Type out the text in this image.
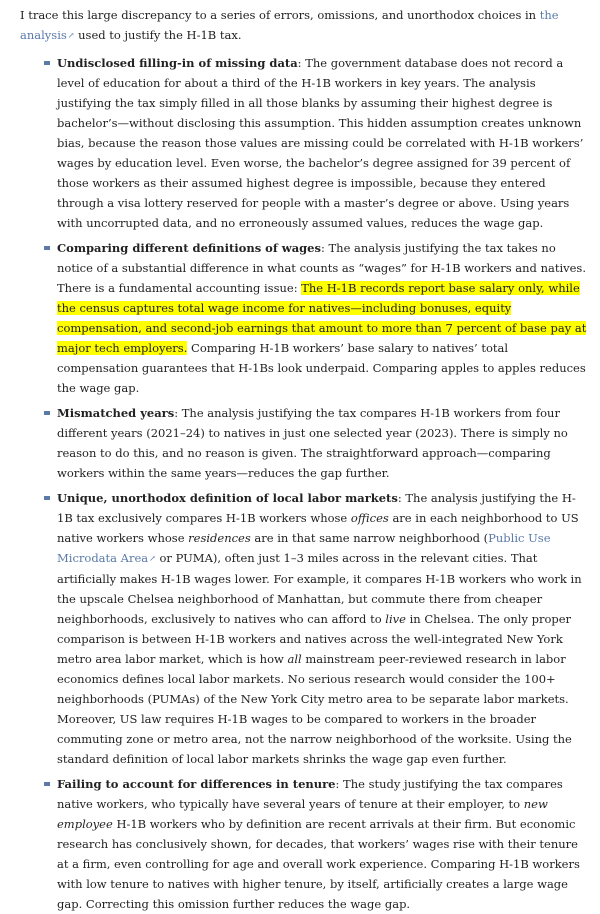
I trace this large discrepancy to a series of errors, omissions, and unorthodox choices in the analysis↗ used to justify the H-1B tax.

Undisclosed filling-in of missing data: The government database does not record a level of education for about a third of the H-1B workers in key years. The analysis justifying the tax simply filled in all those blanks by assuming their highest degree is bachelor’s—without disclosing this assumption. This hidden assumption creates unknown bias, because the reason those values are missing could be correlated with H-1B workers’ wages by education level. Even worse, the bachelor’s degree assigned for 39 percent of those workers as their assumed highest degree is impossible, because they entered through a visa lottery reserved for people with a master’s degree or above. Using years with uncorrupted data, and no erroneously assumed values, reduces the wage gap.
Comparing different definitions of wages: The analysis justifying the tax takes no notice of a substantial difference in what counts as “wages” for H-1B workers and natives. There is a fundamental accounting issue: The H-1B records report base salary only, while the census captures total wage income for natives—including bonuses, equity compensation, and second-job earnings that amount to more than 7 percent of base pay at major tech employers. Comparing H-1B workers’ base salary to natives’ total compensation guarantees that H-1Bs look underpaid. Comparing apples to apples reduces the wage gap.
Mismatched years: The analysis justifying the tax compares H-1B workers from four different years (2021–24) to natives in just one selected year (2023). There is simply no reason to do this, and no reason is given. The straightforward approach—comparing workers within the same years—reduces the gap further.
Unique, unorthodox definition of local labor markets: The analysis justifying the H-1B tax exclusively compares H-1B workers whose offices are in each neighborhood to US native workers whose residences are in that same narrow neighborhood (Public Use Microdata Area↗ or PUMA), often just 1–3 miles across in the relevant cities. That artificially makes H-1B wages lower. For example, it compares H-1B workers who work in the upscale Chelsea neighborhood of Manhattan, but commute there from cheaper neighborhoods, exclusively to natives who can afford to live in Chelsea. The only proper comparison is between H-1B workers and natives across the well-integrated New York metro area labor market, which is how all mainstream peer-reviewed research in labor economics defines local labor markets. No serious research would consider the 100+ neighborhoods (PUMAs) of the New York City metro area to be separate labor markets. Moreover, US law requires H-1B wages to be compared to workers in the broader commuting zone or metro area, not the narrow neighborhood of the worksite. Using the standard definition of local labor markets shrinks the wage gap even further.
Failing to account for differences in tenure: The study justifying the tax compares native workers, who typically have several years of tenure at their employer, to new employee H-1B workers who by definition are recent arrivals at their firm. But economic research has conclusively shown, for decades, that workers’ wages rise with their tenure at a firm, even controlling for age and overall work experience. Comparing H-1B workers with low tenure to natives with higher tenure, by itself, artificially creates a large wage gap. Correcting this omission further reduces the wage gap.
